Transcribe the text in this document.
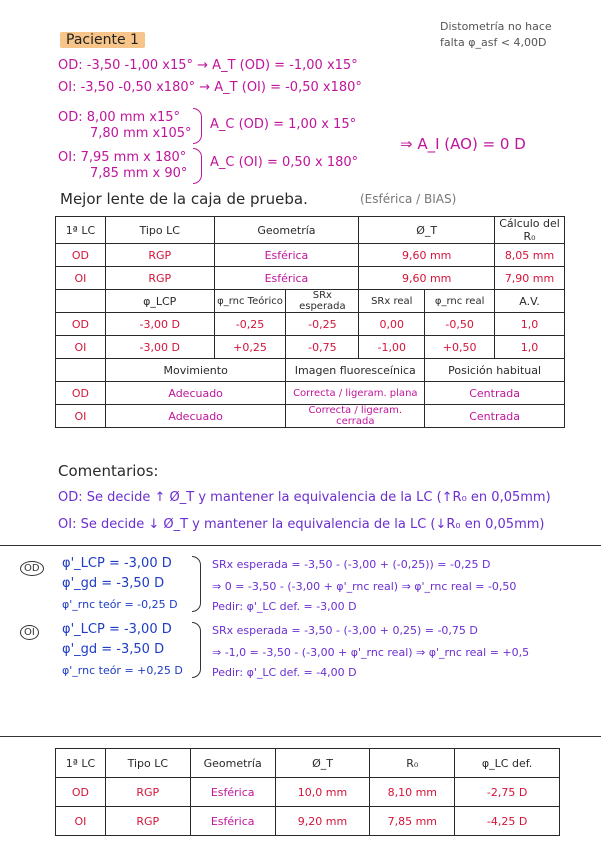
Paciente 1
Distometría no hace
falta φ_asf < 4,00D
OD: -3,50 -1,00 x15° → A_T (OD) = -1,00 x15°
OI: -3,50 -0,50 x180° → A_T (OI) = -0,50 x180°
OD: 8,00 mm x15°
7,80 mm x105°
A_C (OD) = 1,00 x 15°
OI: 7,95 mm x 180°
7,85 mm x 90°
A_C (OI) = 0,50 x 180°
⇒ A_I (AO) = 0 D
Mejor lente de la caja de prueba.	(Esférica / BIAS)
1ª LC	Tipo LC	Geometría		Ø_T		Cálculo del R₀
OD	RGP	Esférica		9,60 mm		8,05 mm
OI	RGP	Esférica		9,60 mm		7,90 mm
	φ_LCP	φ_rnc Teórico	SRx esperada	SRx real	φ_rnc real	A.V.
OD	-3,00 D	-0,25	-0,25	0,00	-0,50	1,0
OI	-3,00 D	+0,25	-0,75	-1,00	+0,50	1,0
	Movimiento		Imagen fluoresceínica		Posición habitual	
OD	Adecuado		Correcta / ligeram. plana		Centrada	
OI	Adecuado		Correcta / ligeram. cerrada		Centrada	
Comentarios:
OD: Se decide ↑ Ø_T y mantener la equivalencia de la LC (↑R₀ en 0,05mm)
OI: Se decide ↓ Ø_T y mantener la equivalencia de la LC (↓R₀ en 0,05mm)
OD	φ'_LCP = -3,00 D
φ'_gd = -3,50 D
φ'_rnc teór = -0,25 D
SRx esperada = -3,50 - (-3,00 + (-0,25)) = -0,25 D
⇒ 0 = -3,50 - (-3,00 + φ'_rnc real) ⇒ φ'_rnc real = -0,50
Pedir: φ'_LC def. = -3,00 D
OI	φ'_LCP = -3,00 D
φ'_gd = -3,50 D
φ'_rnc teór = +0,25 D
SRx esperada = -3,50 - (-3,00 + 0,25) = -0,75 D
⇒ -1,0 = -3,50 - (-3,00 + φ'_rnc real) ⇒ φ'_rnc real = +0,5
Pedir: φ'_LC def. = -4,00 D
1ª LC	Tipo LC	Geometría	Ø_T	R₀	φ_LC def.
OD	RGP	Esférica	10,0 mm	8,10 mm	-2,75 D
OI	RGP	Esférica	9,20 mm	7,85 mm	-4,25 D
